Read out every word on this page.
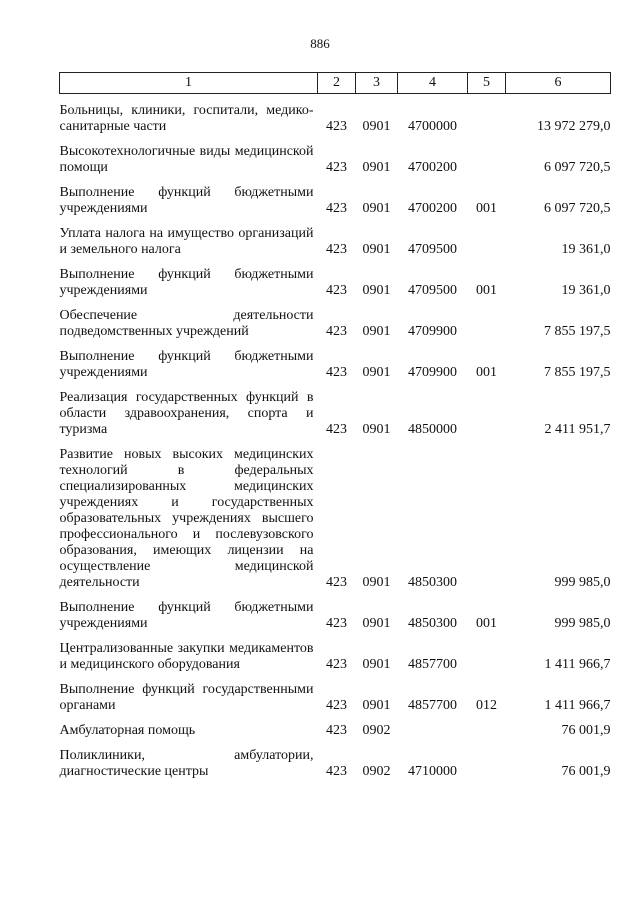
886
1	2	3	4	5	6

Больницы, клиники, госпитали, медико-санитарные части	423	0901	4700000		13 972 279,0

Высокотехнологичные виды медицинской помощи	423	0901	4700200		6 097 720,5

Выполнение функций бюджетными учреждениями	423	0901	4700200	001	6 097 720,5

Уплата налога на имущество организаций и земельного налога	423	0901	4709500		19 361,0

Выполнение функций бюджетными учреждениями	423	0901	4709500	001	19 361,0

Обеспечение деятельности подведомственных учреждений	423	0901	4709900		7 855 197,5

Выполнение функций бюджетными учреждениями	423	0901	4709900	001	7 855 197,5

Реализация государственных функций в области здравоохранения, спорта и туризма	423	0901	4850000		2 411 951,7

Развитие новых высоких медицинских технологий в федеральных специализированных медицинских учреждениях и государственных образовательных учреждениях высшего профессионального и послевузовского образования, имеющих лицензии на осуществление медицинской деятельности	423	0901	4850300		999 985,0

Выполнение функций бюджетными учреждениями	423	0901	4850300	001	999 985,0

Централизованные закупки медикаментов и медицинского оборудования	423	0901	4857700		1 411 966,7

Выполнение функций государственными органами	423	0901	4857700	012	1 411 966,7

Амбулаторная помощь	423	0902			76 001,9

Поликлиники, амбулатории, диагностические центры	423	0902	4710000		76 001,9
